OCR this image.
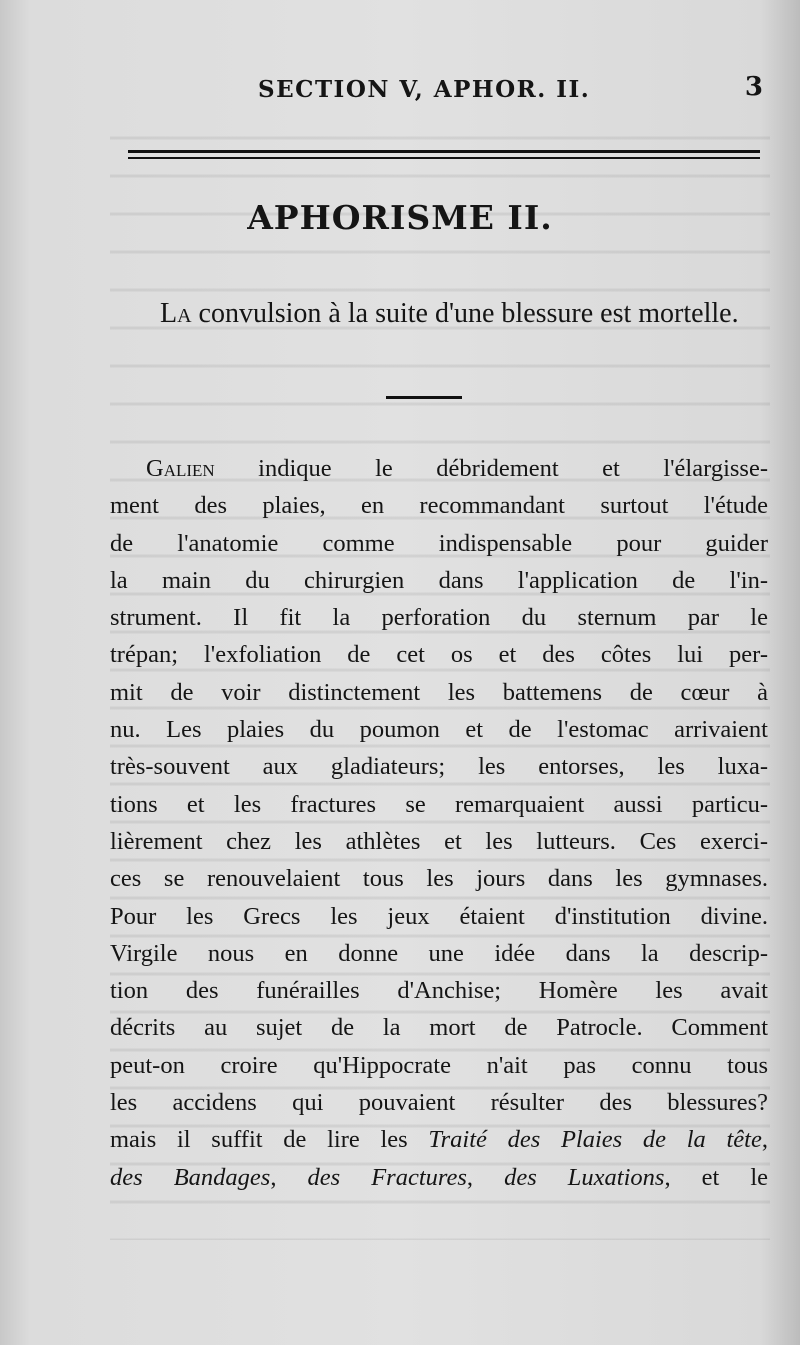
SECTION V, APHOR. II.	3
APHORISME II.

La convulsion à la suite d'une blessure est mortelle.

Galien indique le débridement et l'élargisse-
ment des plaies, en recommandant surtout l'étude
de l'anatomie comme indispensable pour guider
la main du chirurgien dans l'application de l'in-
strument. Il fit la perforation du sternum par le
trépan; l'exfoliation de cet os et des côtes lui per-
mit de voir distinctement les battemens de cœur à
nu. Les plaies du poumon et de l'estomac arrivaient
très-souvent aux gladiateurs; les entorses, les luxa-
tions et les fractures se remarquaient aussi particu-
lièrement chez les athlètes et les lutteurs. Ces exerci-
ces se renouvelaient tous les jours dans les gymnases.
Pour les Grecs les jeux étaient d'institution divine.
Virgile nous en donne une idée dans la descrip-
tion des funérailles d'Anchise; Homère les avait
décrits au sujet de la mort de Patrocle. Comment
peut-on croire qu'Hippocrate n'ait pas connu tous
les accidens qui pouvaient résulter des blessures?
mais il suffit de lire les Traité des Plaies de la tête,
des Bandages, des Fractures, des Luxations, et le
